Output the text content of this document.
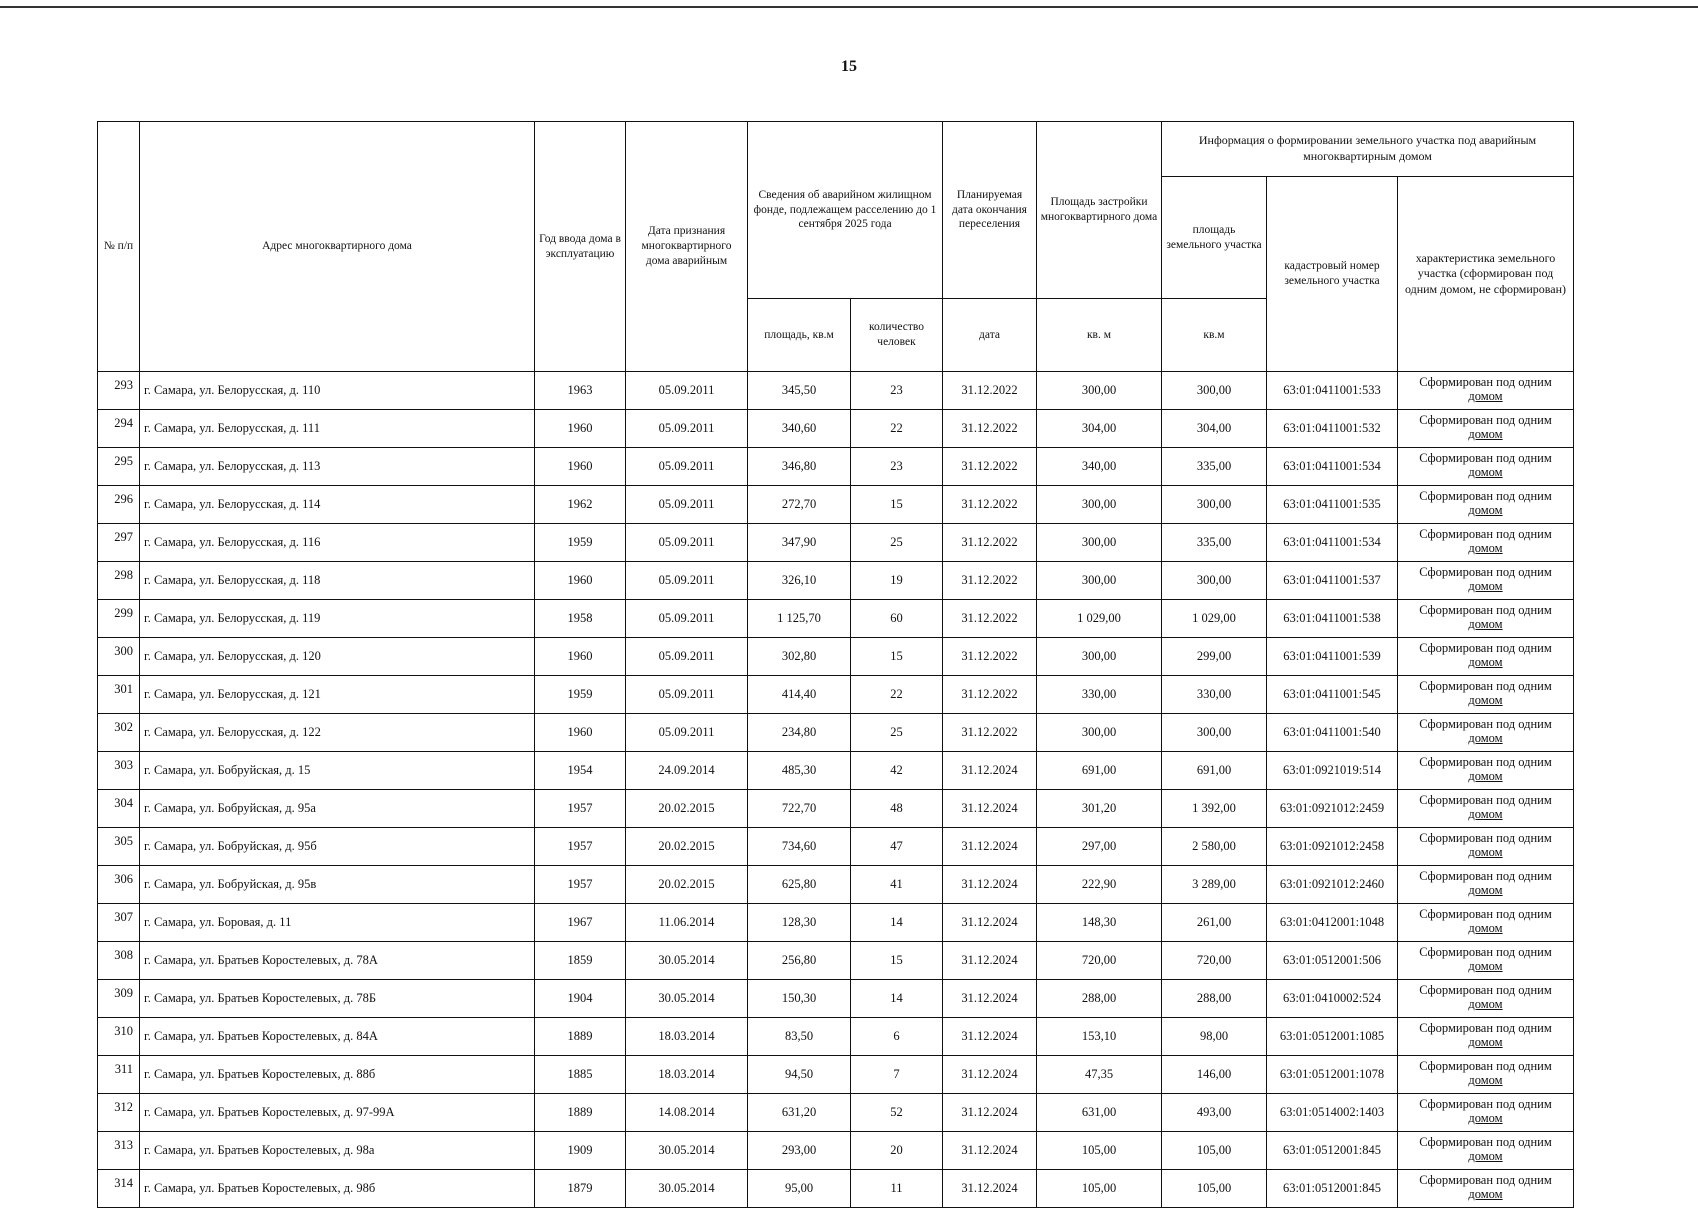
15
№ п/п	Адрес многоквартирного дома	Год ввода дома в эксплуатацию	Дата признания многоквартирного дома аварийным	Сведения об аварийном жилищном фонде, подлежащем расселению до 1 сентября 2025 года		Планируемая дата окончания переселения	Площадь застройки многоквартирного дома	Информация о формировании земельного участка под аварийным многоквартирным домом		
								площадь земельного участка	кадастровый номер земельного участка	характеристика земельного участка (сформирован под одним домом, не сформирован)
				площадь, кв.м	количество человек	дата	кв. м	кв.м		
293	г. Самара, ул. Белорусская, д. 110	1963	05.09.2011	345,50	23	31.12.2022	300,00	300,00	63:01:0411001:533	Сформирован под одним
домом

294	г. Самара, ул. Белорусская, д. 111	1960	05.09.2011	340,60	22	31.12.2022	304,00	304,00	63:01:0411001:532	Сформирован под одним
домом

295	г. Самара, ул. Белорусская, д. 113	1960	05.09.2011	346,80	23	31.12.2022	340,00	335,00	63:01:0411001:534	Сформирован под одним
домом

296	г. Самара, ул. Белорусская, д. 114	1962	05.09.2011	272,70	15	31.12.2022	300,00	300,00	63:01:0411001:535	Сформирован под одним
домом

297	г. Самара, ул. Белорусская, д. 116	1959	05.09.2011	347,90	25	31.12.2022	300,00	335,00	63:01:0411001:534	Сформирован под одним
домом

298	г. Самара, ул. Белорусская, д. 118	1960	05.09.2011	326,10	19	31.12.2022	300,00	300,00	63:01:0411001:537	Сформирован под одним
домом

299	г. Самара, ул. Белорусская, д. 119	1958	05.09.2011	1 125,70	60	31.12.2022	1 029,00	1 029,00	63:01:0411001:538	Сформирован под одним
домом

300	г. Самара, ул. Белорусская, д. 120	1960	05.09.2011	302,80	15	31.12.2022	300,00	299,00	63:01:0411001:539	Сформирован под одним
домом

301	г. Самара, ул. Белорусская, д. 121	1959	05.09.2011	414,40	22	31.12.2022	330,00	330,00	63:01:0411001:545	Сформирован под одним
домом

302	г. Самара, ул. Белорусская, д. 122	1960	05.09.2011	234,80	25	31.12.2022	300,00	300,00	63:01:0411001:540	Сформирован под одним
домом

303	г. Самара, ул. Бобруйская, д. 15	1954	24.09.2014	485,30	42	31.12.2024	691,00	691,00	63:01:0921019:514	Сформирован под одним
домом

304	г. Самара, ул. Бобруйская, д. 95а	1957	20.02.2015	722,70	48	31.12.2024	301,20	1 392,00	63:01:0921012:2459	Сформирован под одним
домом

305	г. Самара, ул. Бобруйская, д. 95б	1957	20.02.2015	734,60	47	31.12.2024	297,00	2 580,00	63:01:0921012:2458	Сформирован под одним
домом

306	г. Самара, ул. Бобруйская, д. 95в	1957	20.02.2015	625,80	41	31.12.2024	222,90	3 289,00	63:01:0921012:2460	Сформирован под одним
домом

307	г. Самара, ул. Боровая, д. 11	1967	11.06.2014	128,30	14	31.12.2024	148,30	261,00	63:01:0412001:1048	Сформирован под одним
домом

308	г. Самара, ул. Братьев Коростелевых, д. 78А	1859	30.05.2014	256,80	15	31.12.2024	720,00	720,00	63:01:0512001:506	Сформирован под одним
домом

309	г. Самара, ул. Братьев Коростелевых, д. 78Б	1904	30.05.2014	150,30	14	31.12.2024	288,00	288,00	63:01:0410002:524	Сформирован под одним
домом

310	г. Самара, ул. Братьев Коростелевых, д. 84А	1889	18.03.2014	83,50	6	31.12.2024	153,10	98,00	63:01:0512001:1085	Сформирован под одним
домом

311	г. Самара, ул. Братьев Коростелевых, д. 88б	1885	18.03.2014	94,50	7	31.12.2024	47,35	146,00	63:01:0512001:1078	Сформирован под одним
домом

312	г. Самара, ул. Братьев Коростелевых, д. 97-99А	1889	14.08.2014	631,20	52	31.12.2024	631,00	493,00	63:01:0514002:1403	Сформирован под одним
домом

313	г. Самара, ул. Братьев Коростелевых, д. 98а	1909	30.05.2014	293,00	20	31.12.2024	105,00	105,00	63:01:0512001:845	Сформирован под одним
домом

314	г. Самара, ул. Братьев Коростелевых, д. 98б	1879	30.05.2014	95,00	11	31.12.2024	105,00	105,00	63:01:0512001:845	Сформирован под одним
домом
